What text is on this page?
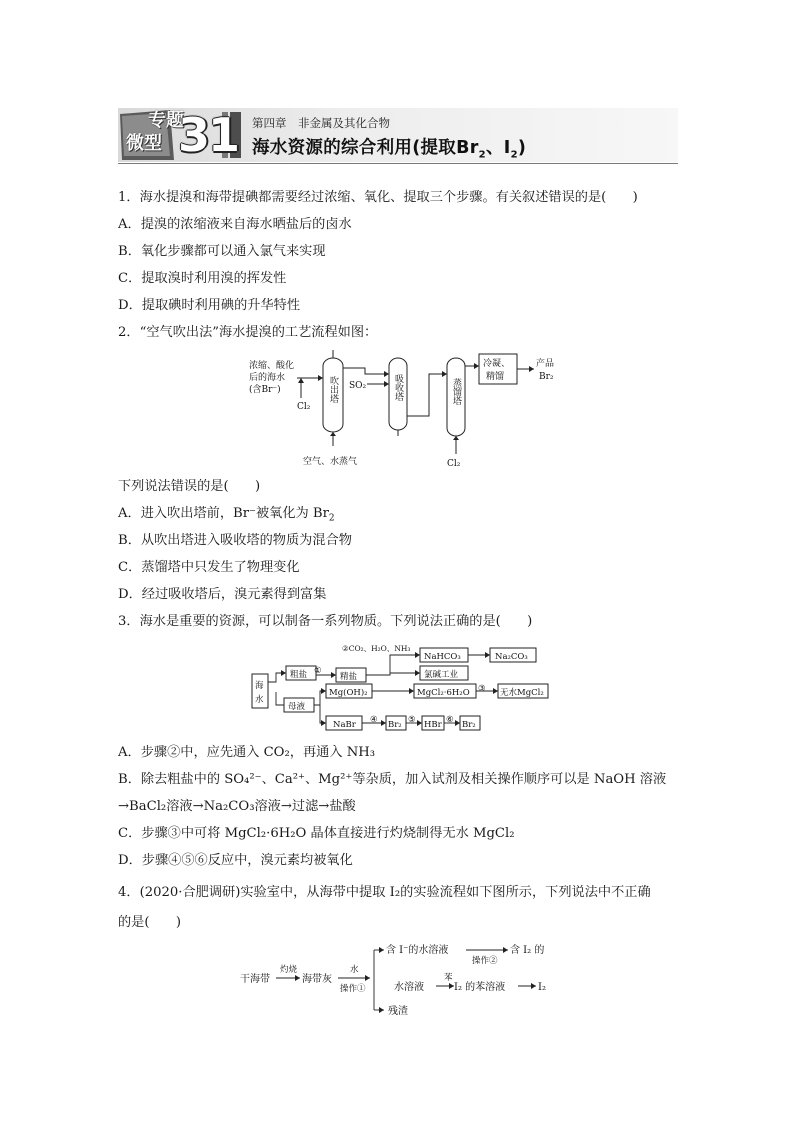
专题
微型 31 第四章　非金属及其化合物
海水资源的综合利用(提取$Br_2$、$I_2$)
1．海水提溴和海带提碘都需要经过浓缩、氧化、提取三个步骤。有关叙述错误的是(　　)
A．提溴的浓缩液来自海水晒盐后的卤水
B．氧化步骤都可以通入氯气来实现
C．提取溴时利用溴的挥发性
D．提取碘时利用碘的升华特性
2．“空气吹出法”海水提溴的工艺流程如图：
浓缩、酸化
后的海水
(含Br⁻)
Cl₂
SO₂
空气、水蒸气	Cl₂
产品
Br₂
吹出塔	吸收塔	蒸馏塔
冷凝、
精馏
下列说法错误的是(　　)
A．进入吹出塔前，Br⁻被氧化为 $Br_2$
B．从吹出塔进入吸收塔的物质为混合物
C．蒸馏塔中只发生了物理变化
D．经过吸收塔后，溴元素得到富集
3．海水是重要的资源，可以制备一系列物质。下列说法正确的是(　　)
海
水
粗盐 ①
②CO₂、H₂O、NH₃
精盐
NaHCO₃	Na₂CO₃
氯碱工业
母液
Mg(OH)₂	MgCl₂·6H₂O ③ 无水MgCl₂
NaBr ④ Br₂ ⑤ HBr ⑥ Br₂
A．步骤②中，应先通入 CO₂，再通入 NH₃
B．除去粗盐中的 SO₄²⁻、Ca²⁺、Mg²⁺等杂质，加入试剂及相关操作顺序可以是 NaOH 溶液
→BaCl₂溶液→Na₂CO₃溶液→过滤→盐酸
C．步骤③中可将 MgCl₂·6H₂O 晶体直接进行灼烧制得无水 MgCl₂
D．步骤④⑤⑥反应中，溴元素均被氧化
4．(2020·合肥调研)实验室中，从海带中提取 I₂的实验流程如下图所示，下列说法中不正确
的是(　　)
干海带
灼烧
海带灰
水
操作①
含 I⁻的水溶液
操作②
含 I₂ 的
水溶液
苯
I₂ 的苯溶液	I₂
残渣
